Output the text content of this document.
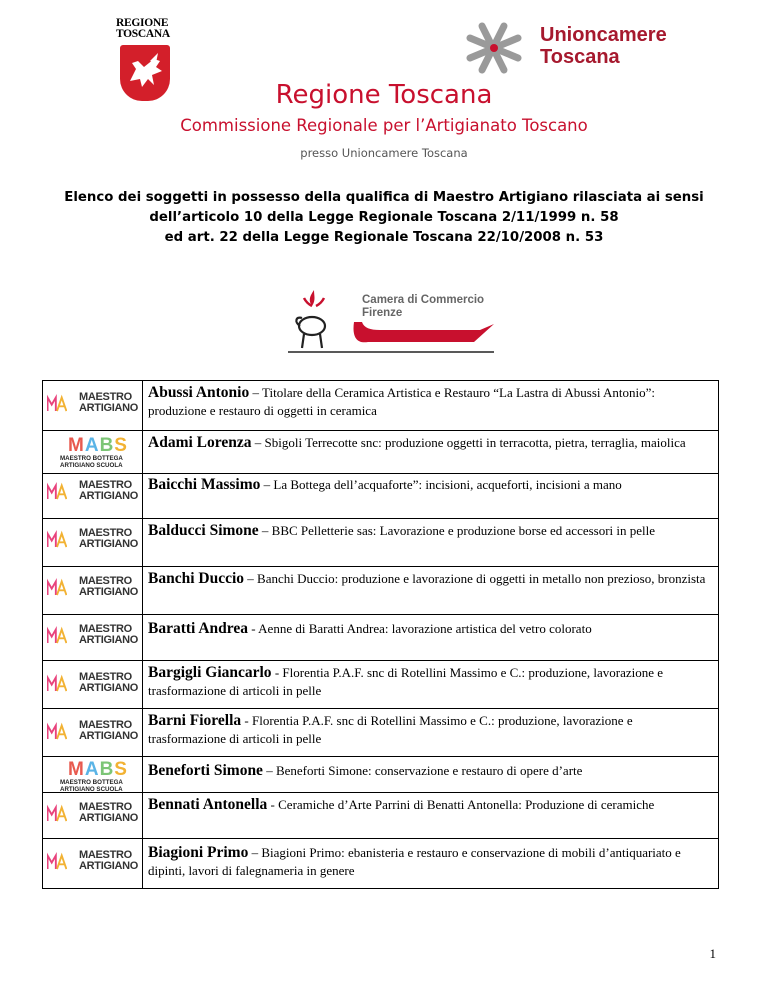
REGIONE
TOSCANA	Unioncamere
Toscana
Regione Toscana
Commissione Regionale per l’Artigianato Toscano
presso Unioncamere Toscana
Elenco dei soggetti in possesso della qualifica di Maestro Artigiano rilasciata ai sensi
dell’articolo 10 della Legge Regionale Toscana 2/11/1999 n. 58
ed art. 22 della Legge Regionale Toscana 22/10/2008 n. 53
Camera di Commercio
Firenze
MAESTRO
ARTIGIANO
MABS
MAESTRO BOTTEGA
ARTIGIANO SCUOLA
MAESTRO
ARTIGIANO
MAESTRO
ARTIGIANO
MAESTRO
ARTIGIANO
MAESTRO
ARTIGIANO
MAESTRO
ARTIGIANO
MAESTRO
ARTIGIANO
MABS
MAESTRO BOTTEGA
ARTIGIANO SCUOLA
MAESTRO
ARTIGIANO
MAESTRO
ARTIGIANO
Abussi Antonio – Titolare della Ceramica Artistica e Restauro “La Lastra di Abussi Antonio”: produzione e restauro di oggetti in ceramica
Adami Lorenza – Sbigoli Terrecotte snc: produzione oggetti in terracotta, pietra, terraglia, maiolica
Baicchi Massimo – La Bottega dell’acquaforte”: incisioni, acqueforti, incisioni a mano
Balducci Simone – BBC Pelletterie sas: Lavorazione e produzione borse ed accessori in pelle
Banchi Duccio – Banchi Duccio: produzione e lavorazione di oggetti in metallo non prezioso, bronzista
Baratti Andrea - Aenne di Baratti Andrea: lavorazione artistica del vetro colorato
Bargigli Giancarlo - Florentia P.A.F. snc di Rotellini Massimo e C.: produzione, lavorazione e trasformazione di articoli in pelle
Barni Fiorella - Florentia P.A.F. snc di Rotellini Massimo e C.: produzione, lavorazione e trasformazione di articoli in pelle
Beneforti Simone – Beneforti Simone: conservazione e restauro di opere d’arte
Bennati Antonella - Ceramiche d’Arte Parrini di Benatti Antonella: Produzione di ceramiche
Biagioni Primo – Biagioni Primo: ebanisteria e restauro e conservazione di mobili d’antiquariato e dipinti, lavori di falegnameria in genere
1
